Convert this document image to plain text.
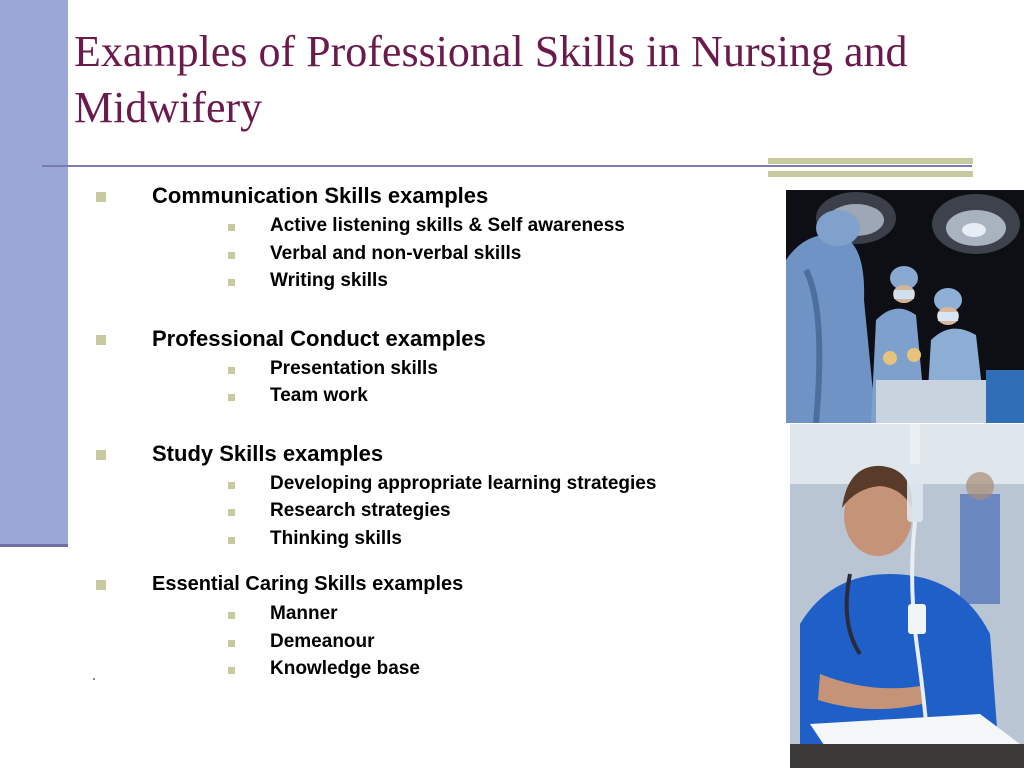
Examples of Professional Skills in Nursing and Midwifery
Communication Skills examples
Active listening skills & Self awareness
Verbal and non-verbal skills
Writing skills
Professional Conduct examples
Presentation skills
Team work
Study Skills examples
Developing appropriate learning strategies
Research strategies
Thinking skills
Essential Caring Skills examples
Manner
Demeanour
Knowledge base
